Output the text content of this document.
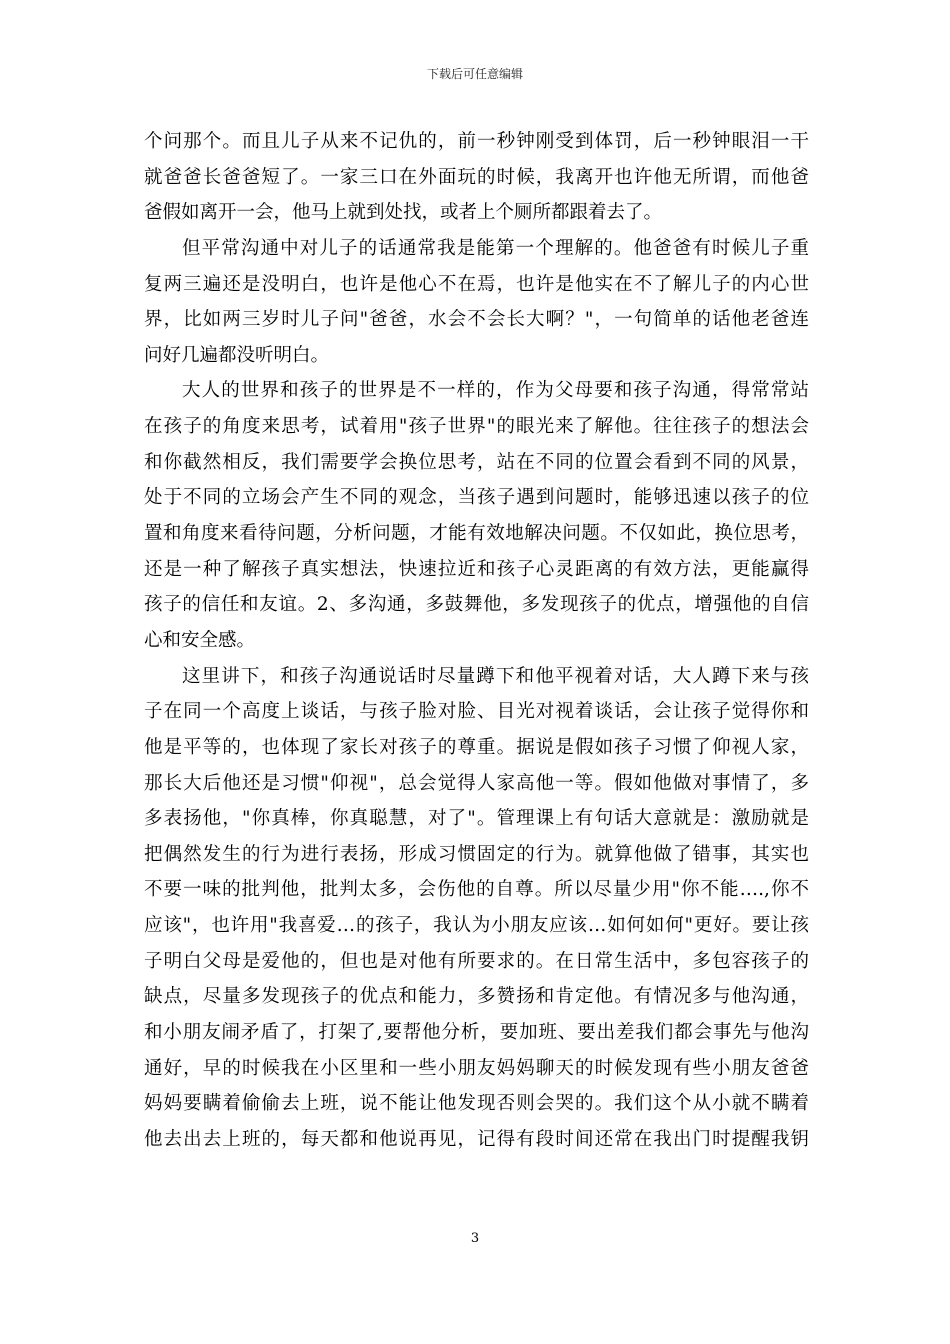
下载后可任意编辑
个问那个。而且儿子从来不记仇的，前一秒钟刚受到体罚，后一秒钟眼泪一干
就爸爸长爸爸短了。一家三口在外面玩的时候，我离开也许他无所谓，而他爸
爸假如离开一会，他马上就到处找，或者上个厕所都跟着去了。
但平常沟通中对儿子的话通常我是能第一个理解的。他爸爸有时候儿子重
复两三遍还是没明白，也许是他心不在焉，也许是他实在不了解儿子的内心世
界，比如两三岁时儿子问"爸爸，水会不会长大啊？"，一句简单的话他老爸连
问好几遍都没听明白。
大人的世界和孩子的世界是不一样的，作为父母要和孩子沟通，得常常站
在孩子的角度来思考，试着用"孩子世界"的眼光来了解他。往往孩子的想法会
和你截然相反，我们需要学会换位思考，站在不同的位置会看到不同的风景，
处于不同的立场会产生不同的观念，当孩子遇到问题时，能够迅速以孩子的位
置和角度来看待问题，分析问题，才能有效地解决问题。不仅如此，换位思考，
还是一种了解孩子真实想法，快速拉近和孩子心灵距离的有效方法，更能赢得
孩子的信任和友谊。2、多沟通，多鼓舞他，多发现孩子的优点，增强他的自信
心和安全感。
这里讲下，和孩子沟通说话时尽量蹲下和他平视着对话，大人蹲下来与孩
子在同一个高度上谈话，与孩子脸对脸、目光对视着谈话，会让孩子觉得你和
他是平等的，也体现了家长对孩子的尊重。据说是假如孩子习惯了仰视人家，
那长大后他还是习惯"仰视"，总会觉得人家高他一等。假如他做对事情了，多
多表扬他，"你真棒，你真聪慧，对了"。管理课上有句话大意就是：激励就是
把偶然发生的行为进行表扬，形成习惯固定的行为。就算他做了错事，其实也
不要一味的批判他，批判太多，会伤他的自尊。所以尽量少用"你不能….,你不
应该"，也许用"我喜爱…的孩子，我认为小朋友应该…如何如何"更好。要让孩
子明白父母是爱他的，但也是对他有所要求的。在日常生活中，多包容孩子的
缺点，尽量多发现孩子的优点和能力，多赞扬和肯定他。有情况多与他沟通，
和小朋友闹矛盾了，打架了,要帮他分析，要加班、要出差我们都会事先与他沟
通好，早的时候我在小区里和一些小朋友妈妈聊天的时候发现有些小朋友爸爸
妈妈要瞒着偷偷去上班，说不能让他发现否则会哭的。我们这个从小就不瞒着
他去出去上班的，每天都和他说再见，记得有段时间还常在我出门时提醒我钥
3
